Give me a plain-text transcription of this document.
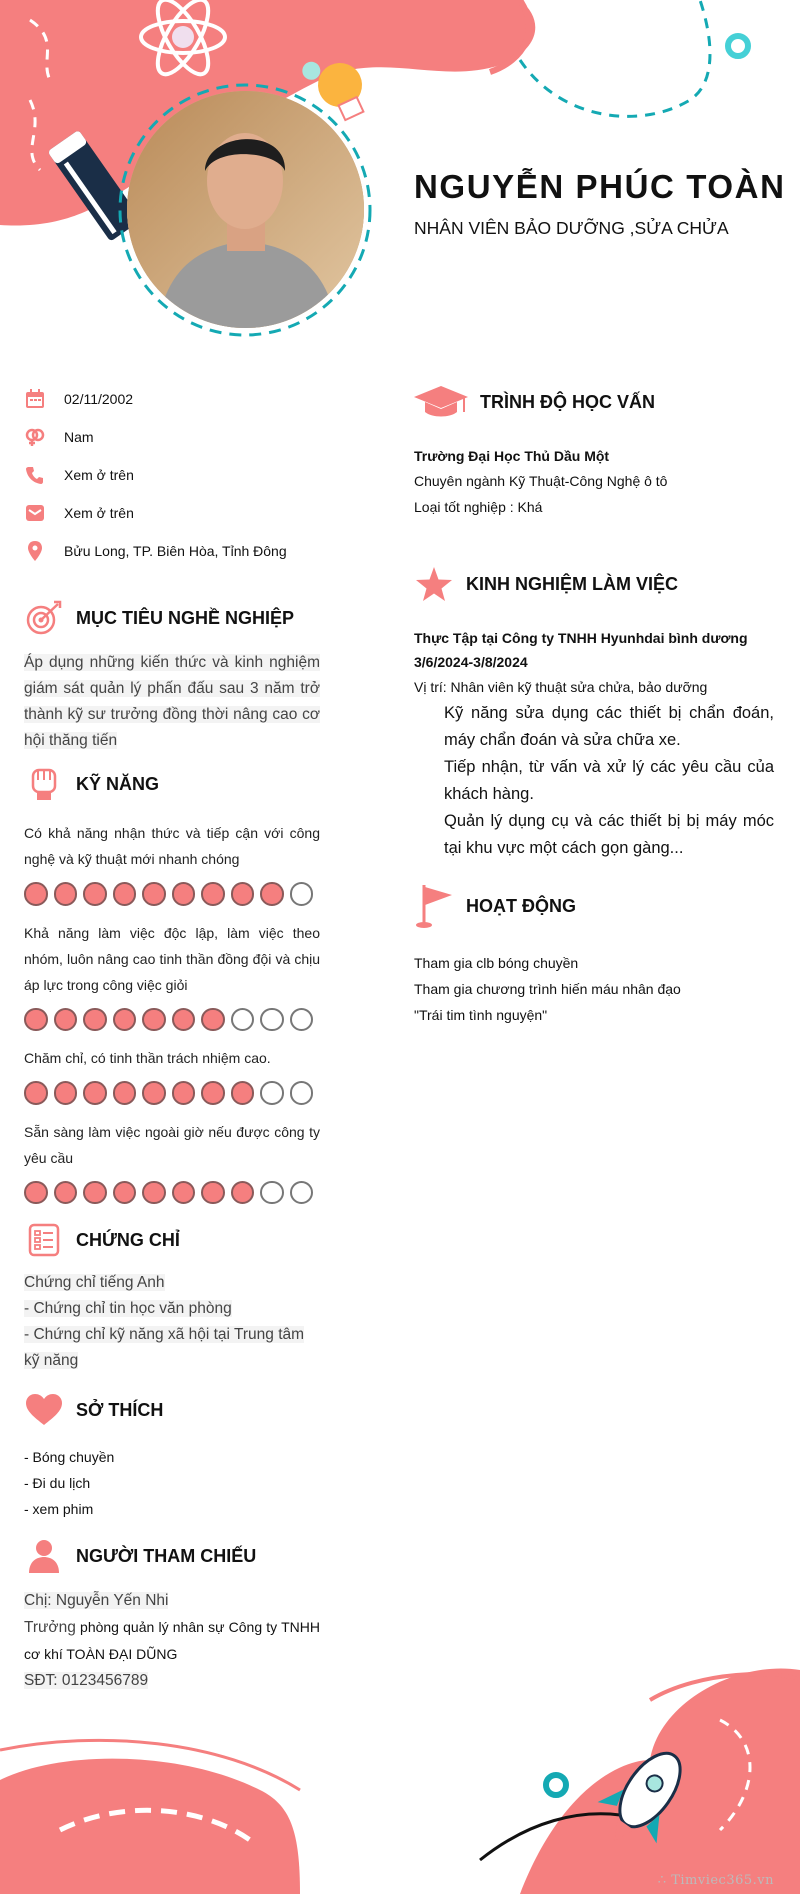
NGUYỄN PHÚC TOÀN
NHÂN VIÊN BẢO DƯỠNG ,SỬA CHỬA
02/11/2002
Nam
Xem ở trên
Xem ở trên
Bửu Long, TP. Biên Hòa, Tỉnh Đông
MỤC TIÊU NGHỀ NGHIỆP
Áp dụng những kiến thức và kinh nghiệm giám sát quản lý phấn đấu sau 3 năm trở thành kỹ sư trưởng đồng thời nâng cao cơ hội thăng tiến
KỸ NĂNG
Có khả năng nhận thức và tiếp cận với công nghệ và kỹ thuật mới nhanh chóng
Khả năng làm việc độc lập, làm việc theo nhóm, luôn nâng cao tinh thần đồng đội và chịu áp lực trong công việc giỏi
Chăm chỉ, có tinh thần trách nhiệm cao.
Sẵn sàng làm việc ngoài giờ nếu được công ty yêu cầu
CHỨNG CHỈ
Chứng chỉ tiếng Anh
- Chứng chỉ tin học văn phòng
- Chứng chỉ kỹ năng xã hội tại Trung tâm kỹ năng
SỞ THÍCH
- Bóng chuyền
- Đi du lịch
- xem phim
NGƯỜI THAM CHIẾU
Chị: Nguyễn Yến Nhi
Trưởng phòng quản lý nhân sự Công ty TNHH cơ khí TOÀN ĐẠI DŨNG
SĐT: 0123456789
TRÌNH ĐỘ HỌC VẤN
Trường Đại Học Thủ Dầu Một
Chuyên ngành Kỹ Thuật-Công Nghệ ô tô
Loại tốt nghiệp : Khá
KINH NGHIỆM LÀM VIỆC
Thực Tập tại Công ty TNHH Hyunhdai bình dương
3/6/2024-3/8/2024
Vị trí: Nhân viên kỹ thuật sửa chửa, bảo dưỡng
Kỹ năng sửa dụng các thiết bị chẩn đoán, máy chẩn đoán và sửa chữa xe.
Tiếp nhận, từ vấn và xử lý các yêu cầu của khách hàng.
Quản lý dụng cụ và các thiết bị bị máy móc tại khu vực một cách gọn gàng...
HOẠT ĐỘNG
Tham gia clb bóng chuyền
Tham gia chương trình hiến máu nhân đạo
"Trái tim tình nguyện"
∴ Timviec365.vn
